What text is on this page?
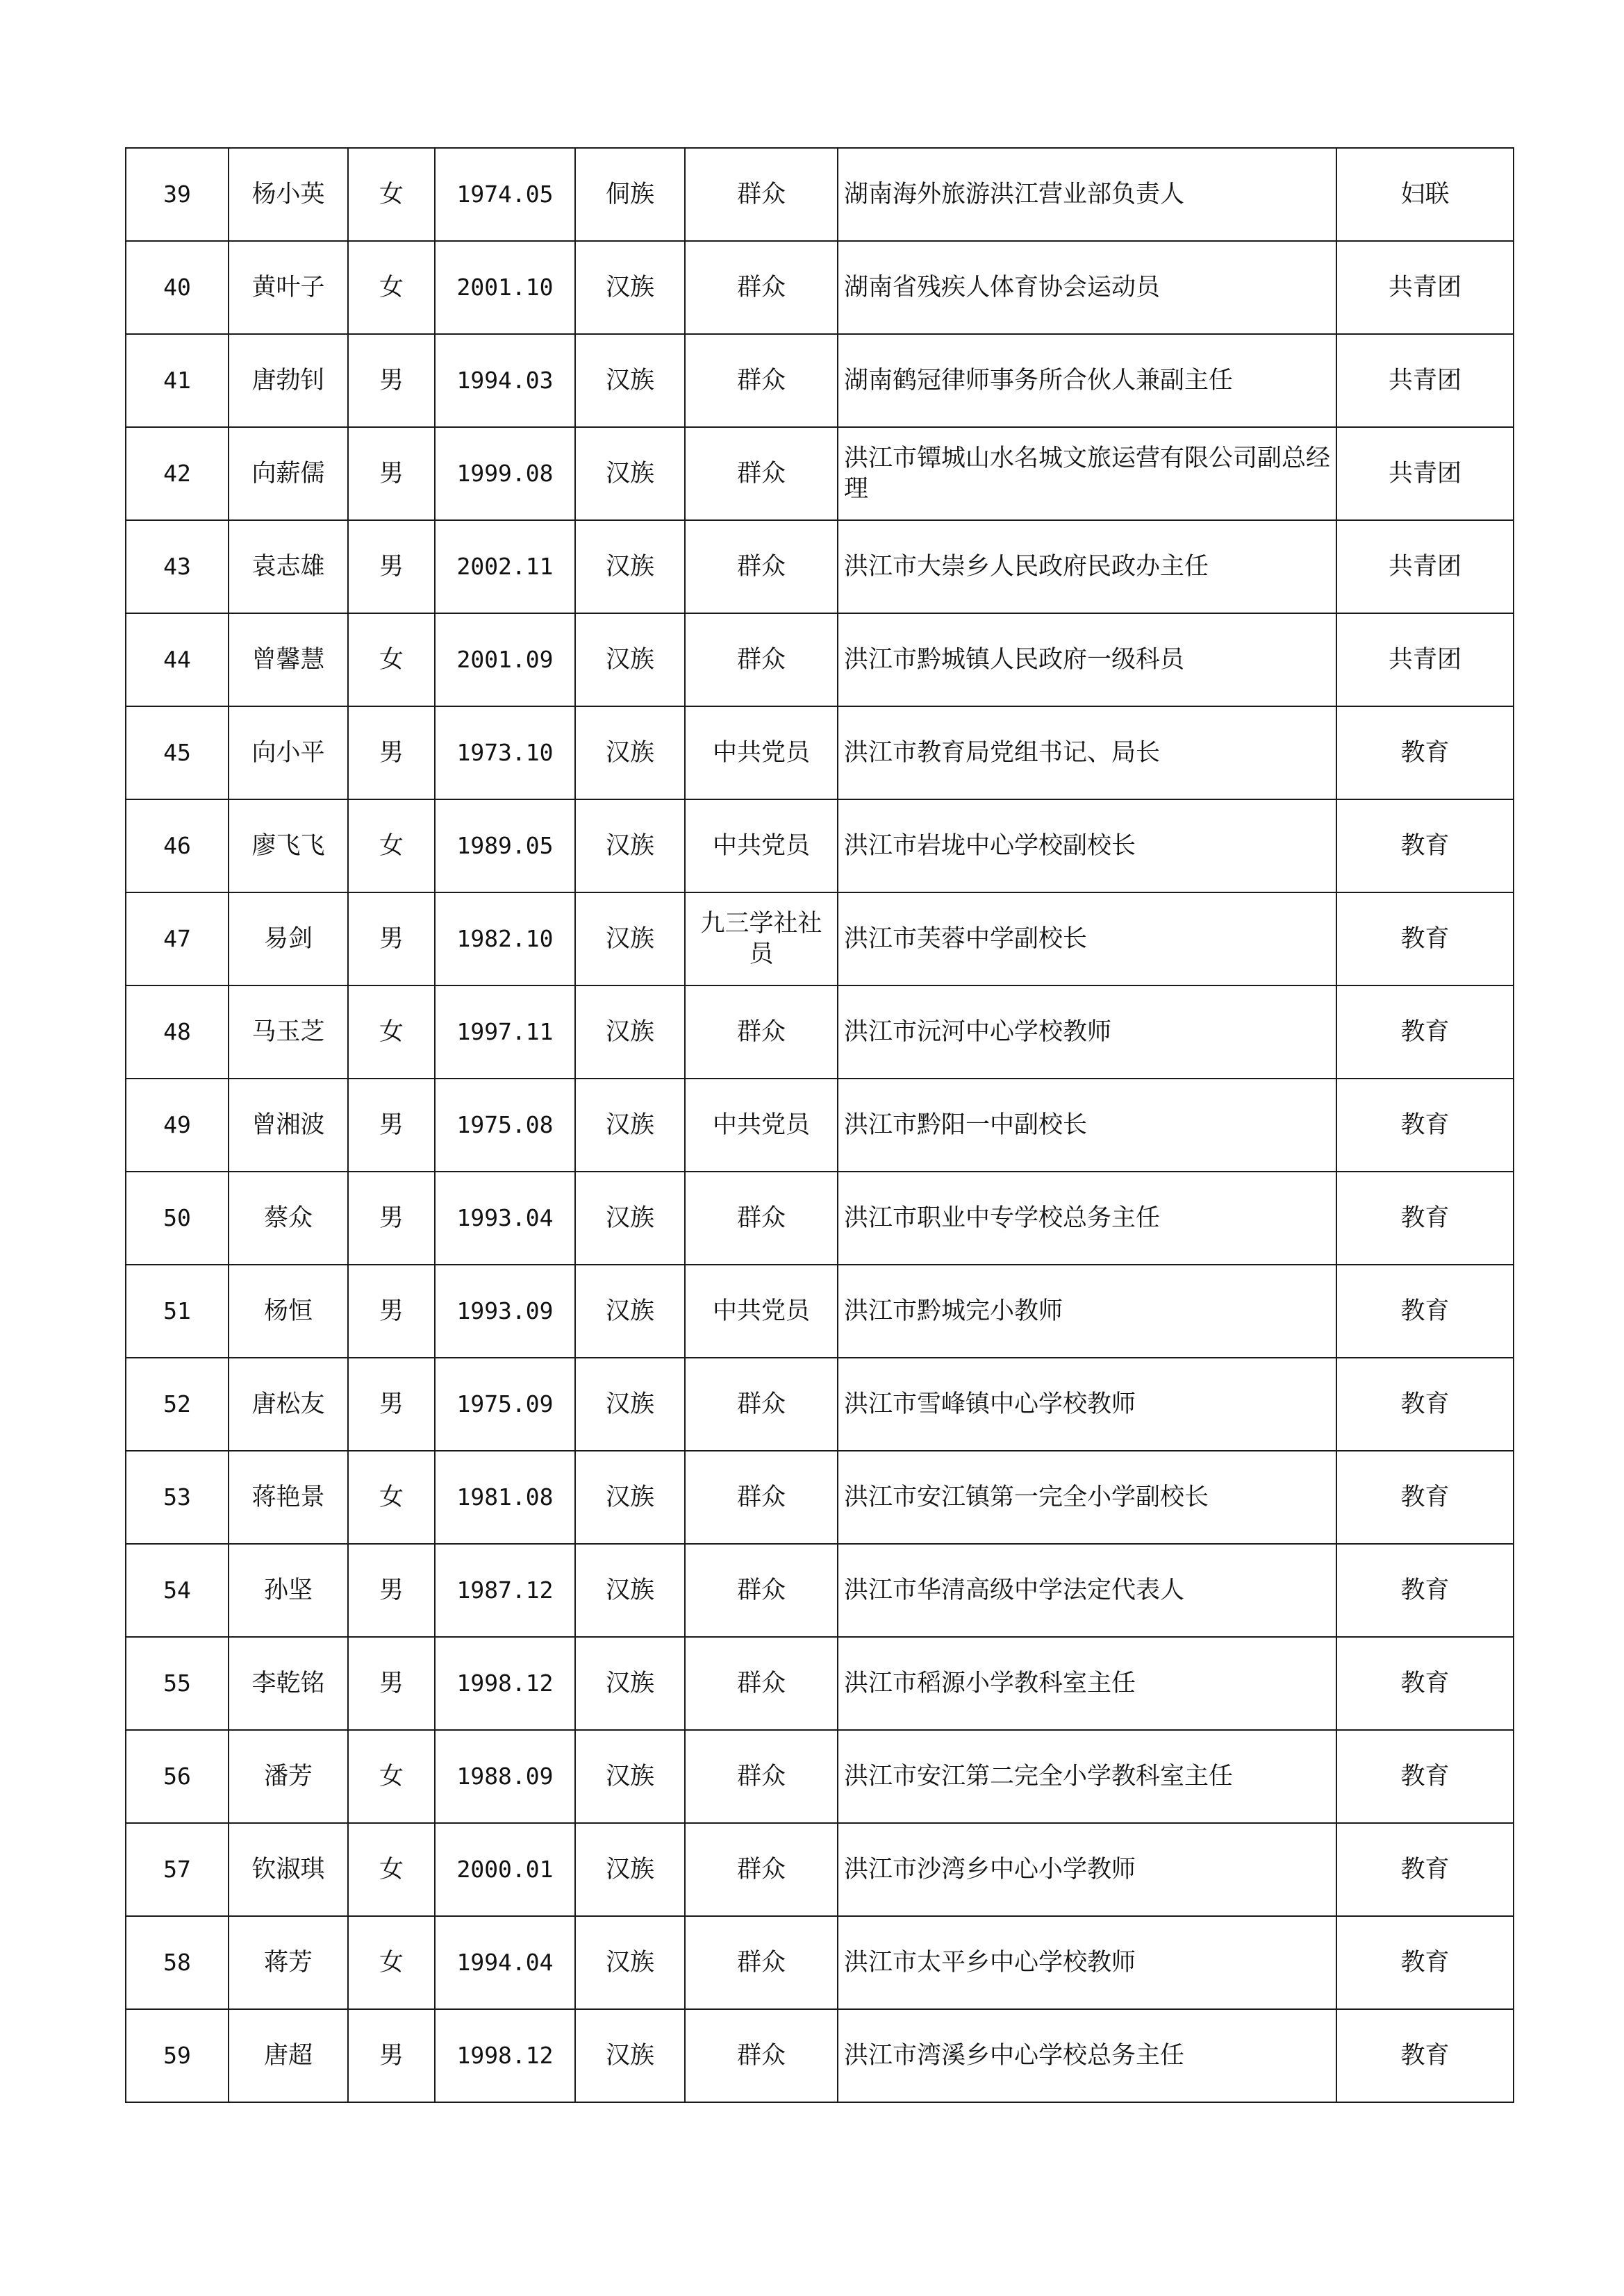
39	杨小英	女	1974.05	侗族	群众	湖南海外旅游洪江营业部负责人	妇联
40	黄叶子	女	2001.10	汉族	群众	湖南省残疾人体育协会运动员	共青团
41	唐勃钊	男	1994.03	汉族	群众	湖南鹤冠律师事务所合伙人兼副主任	共青团
42	向薪儒	男	1999.08	汉族	群众	洪江市镡城山水名城文旅运营有限公司副总经理	共青团
43	袁志雄	男	2002.11	汉族	群众	洪江市大崇乡人民政府民政办主任	共青团
44	曾馨慧	女	2001.09	汉族	群众	洪江市黔城镇人民政府一级科员	共青团
45	向小平	男	1973.10	汉族	中共党员	洪江市教育局党组书记、局长	教育
46	廖飞飞	女	1989.05	汉族	中共党员	洪江市岩垅中心学校副校长	教育
47	易剑	男	1982.10	汉族	九三学社社员	洪江市芙蓉中学副校长	教育
48	马玉芝	女	1997.11	汉族	群众	洪江市沅河中心学校教师	教育
49	曾湘波	男	1975.08	汉族	中共党员	洪江市黔阳一中副校长	教育
50	蔡众	男	1993.04	汉族	群众	洪江市职业中专学校总务主任	教育
51	杨恒	男	1993.09	汉族	中共党员	洪江市黔城完小教师	教育
52	唐松友	男	1975.09	汉族	群众	洪江市雪峰镇中心学校教师	教育
53	蒋艳景	女	1981.08	汉族	群众	洪江市安江镇第一完全小学副校长	教育
54	孙坚	男	1987.12	汉族	群众	洪江市华清高级中学法定代表人	教育
55	李乾铭	男	1998.12	汉族	群众	洪江市稻源小学教科室主任	教育
56	潘芳	女	1988.09	汉族	群众	洪江市安江第二完全小学教科室主任	教育
57	钦淑琪	女	2000.01	汉族	群众	洪江市沙湾乡中心小学教师	教育
58	蒋芳	女	1994.04	汉族	群众	洪江市太平乡中心学校教师	教育
59	唐超	男	1998.12	汉族	群众	洪江市湾溪乡中心学校总务主任	教育
